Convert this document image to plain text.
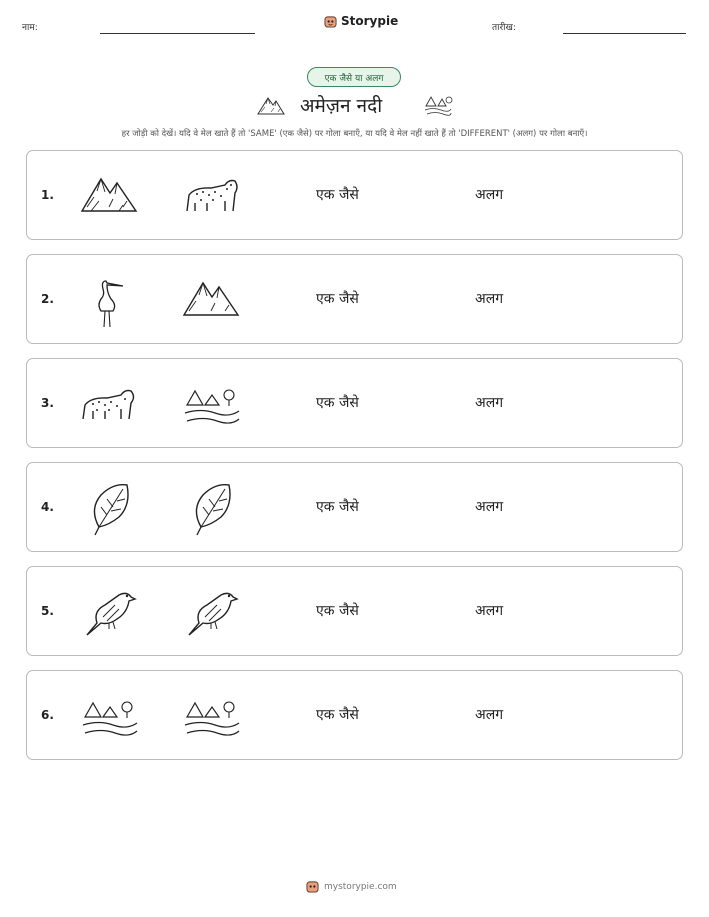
नाम:	Storypie	तारीख:
एक जैसे या अलग
अमेज़न नदी
हर जोड़ी को देखें। यदि वे मेल खाते हैं तो 'SAME' (एक जैसे) पर गोला बनाएँ, या यदि वे मेल नहीं खाते हैं तो 'DIFFERENT' (अलग) पर गोला बनाएँ।
1.	एक जैसे	अलग
2.	एक जैसे	अलग
3.	एक जैसे	अलग
4.	एक जैसे	अलग
5.	एक जैसे	अलग
6.	एक जैसे	अलग
mystorypie.com
